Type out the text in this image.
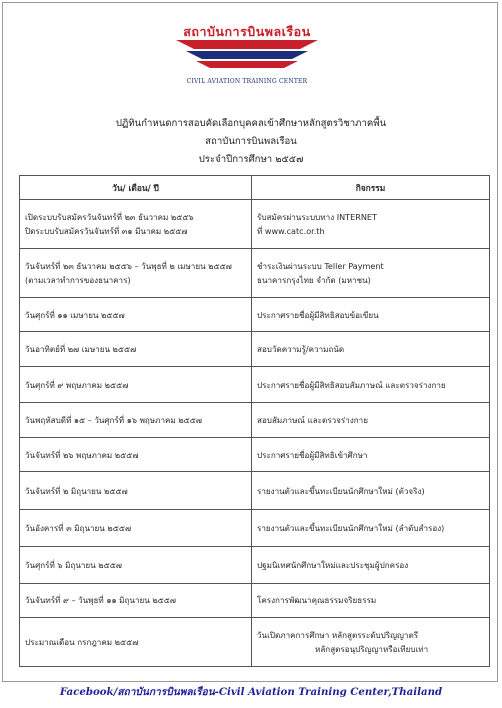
สถาบันการบินพลเรือน
CIVIL AVIATION TRAINING CENTER
ปฏิทินกำหนดการสอบคัดเลือกบุคคลเข้าศึกษาหลักสูตรวิชาภาคพื้น
สถาบันการบินพลเรือน
ประจำปีการศึกษา ๒๕๕๗
วัน/ เดือน/ ปี	กิจกรรม

เปิดระบบรับสมัครวันจันทร์ที่ ๒๓ ธันวาคม ๒๕๕๖
ปิดระบบรับสมัครวันจันทร์ที่ ๓๑ มีนาคม ๒๕๕๗	รับสมัครผ่านระบบทาง INTERNET
ที่ www.catc.or.th

วันจันทร์ที่ ๒๓ ธันวาคม ๒๕๕๖ – วันพุธที่ ๒ เมษายน ๒๕๕๗
(ตามเวลาทำการของธนาคาร)	ชำระเงินผ่านระบบ Teller Payment
ธนาคารกรุงไทย จำกัด (มหาชน)

วันศุกร์ที่ ๑๑ เมษายน ๒๕๕๗	ประกาศรายชื่อผู้มีสิทธิสอบข้อเขียน

วันอาทิตย์ที่ ๒๗ เมษายน ๒๕๕๗	สอบวัดความรู้/ความถนัด

วันศุกร์ที่ ๙ พฤษภาคม ๒๕๕๗	ประกาศรายชื่อผู้มีสิทธิสอบสัมภาษณ์ และตรวจร่างกาย

วันพฤหัสบดีที่ ๑๕ – วันศุกร์ที่ ๑๖ พฤษภาคม ๒๕๕๗	สอบสัมภาษณ์ และตรวจร่างกาย

วันจันทร์ที่ ๒๖ พฤษภาคม ๒๕๕๗	ประกาศรายชื่อผู้มีสิทธิเข้าศึกษา

วันจันทร์ที่ ๒ มิถุนายน ๒๕๕๗	รายงานตัวและขึ้นทะเบียนนักศึกษาใหม่ (ตัวจริง)

วันอังคารที่ ๓ มิถุนายน ๒๕๕๗	รายงานตัวและขึ้นทะเบียนนักศึกษาใหม่ (ลำดับสำรอง)

วันศุกร์ที่ ๖ มิถุนายน ๒๕๕๗	ปฐมนิเทศนักศึกษาใหม่และประชุมผู้ปกครอง

วันจันทร์ที่ ๙ – วันพุธที่ ๑๑ มิถุนายน ๒๕๕๗	โครงการพัฒนาคุณธรรมจริยธรรม

ประมาณเดือน กรกฎาคม ๒๕๕๗	วันเปิดภาคการศึกษา หลักสูตรระดับปริญญาตรี
หลักสูตรอนุปริญญาหรือเทียบเท่า
Facebook/สถาบันการบินพลเรือน-Civil Aviation Training Center,Thailand
